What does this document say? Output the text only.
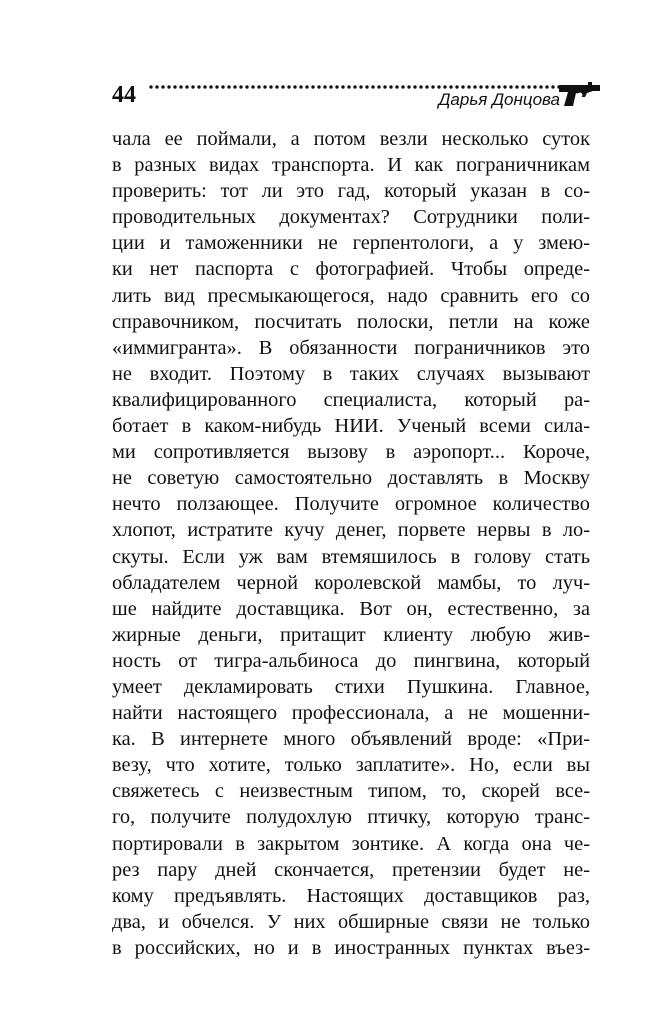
44	Дарья Донцова
чала ее поймали, а потом везли несколько суток
в разных видах транспорта. И как пограничникам
проверить: тот ли это гад, который указан в со-
проводительных документах? Сотрудники поли-
ции и таможенники не герпентологи, а у змею-
ки нет паспорта с фотографией. Чтобы опреде-
лить вид пресмыкающегося, надо сравнить его со
справочником, посчитать полоски, петли на коже
«иммигранта». В обязанности пограничников это
не входит. Поэтому в таких случаях вызывают
квалифицированного специалиста, который ра-
ботает в каком-нибудь НИИ. Ученый всеми сила-
ми сопротивляется вызову в аэропорт... Короче,
не советую самостоятельно доставлять в Москву
нечто ползающее. Получите огромное количество
хлопот, истратите кучу денег, порвете нервы в ло-
скуты. Если уж вам втемяшилось в голову стать
обладателем черной королевской мамбы, то луч-
ше найдите доставщика. Вот он, естественно, за
жирные деньги, притащит клиенту любую жив-
ность от тигра-альбиноса до пингвина, который
умеет декламировать стихи Пушкина. Главное,
найти настоящего профессионала, а не мошенни-
ка. В интернете много объявлений вроде: «При-
везу, что хотите, только заплатите». Но, если вы
свяжетесь с неизвестным типом, то, скорей все-
го, получите полудохлую птичку, которую транс-
портировали в закрытом зонтике. А когда она че-
рез пару дней скончается, претензии будет не-
кому предъявлять. Настоящих доставщиков раз,
два, и обчелся. У них обширные связи не только
в российских, но и в иностранных пунктах въез-
